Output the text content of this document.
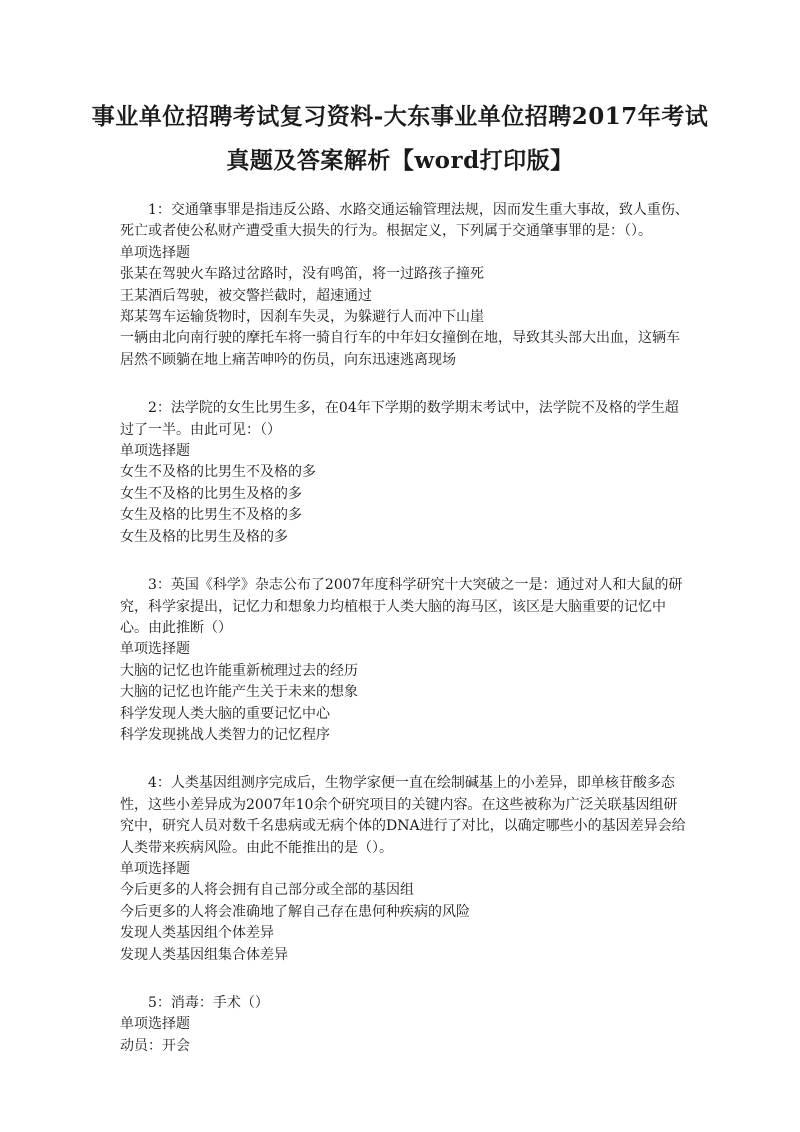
事业单位招聘考试复习资料-大东事业单位招聘2017年考试
真题及答案解析【word打印版】

1：交通肇事罪是指违反公路、水路交通运输管理法规，因而发生重大事故，致人重伤、死亡或者使公私财产遭受重大损失的行为。根据定义，下列属于交通肇事罪的是：（）。

单项选择题

张某在驾驶火车路过岔路时，没有鸣笛，将一过路孩子撞死

王某酒后驾驶，被交警拦截时，超速通过

郑某驾车运输货物时，因刹车失灵，为躲避行人而冲下山崖

一辆由北向南行驶的摩托车将一骑自行车的中年妇女撞倒在地，导致其头部大出血，这辆车居然不顾躺在地上痛苦呻吟的伤员，向东迅速逃离现场

2：法学院的女生比男生多，在04年下学期的数学期末考试中，法学院不及格的学生超过了一半。由此可见：（）

单项选择题

女生不及格的比男生不及格的多

女生不及格的比男生及格的多

女生及格的比男生不及格的多

女生及格的比男生及格的多

3：英国《科学》杂志公布了2007年度科学研究十大突破之一是：通过对人和大鼠的研究，科学家提出，记忆力和想象力均植根于人类大脑的海马区，该区是大脑重要的记忆中心。由此推断（）

单项选择题

大脑的记忆也许能重新梳理过去的经历

大脑的记忆也许能产生关于未来的想象

科学发现人类大脑的重要记忆中心

科学发现挑战人类智力的记忆程序

4：人类基因组测序完成后，生物学家便一直在绘制碱基上的小差异，即单核苷酸多态性，这些小差异成为2007年10余个研究项目的关键内容。在这些被称为广泛关联基因组研究中，研究人员对数千名患病或无病个体的DNA进行了对比，以确定哪些小的基因差异会给人类带来疾病风险。由此不能推出的是（）。

单项选择题

今后更多的人将会拥有自己部分或全部的基因组

今后更多的人将会准确地了解自己存在患何种疾病的风险

发现人类基因组个体差异

发现人类基因组集合体差异

5：消毒：手术（）

单项选择题

动员：开会
